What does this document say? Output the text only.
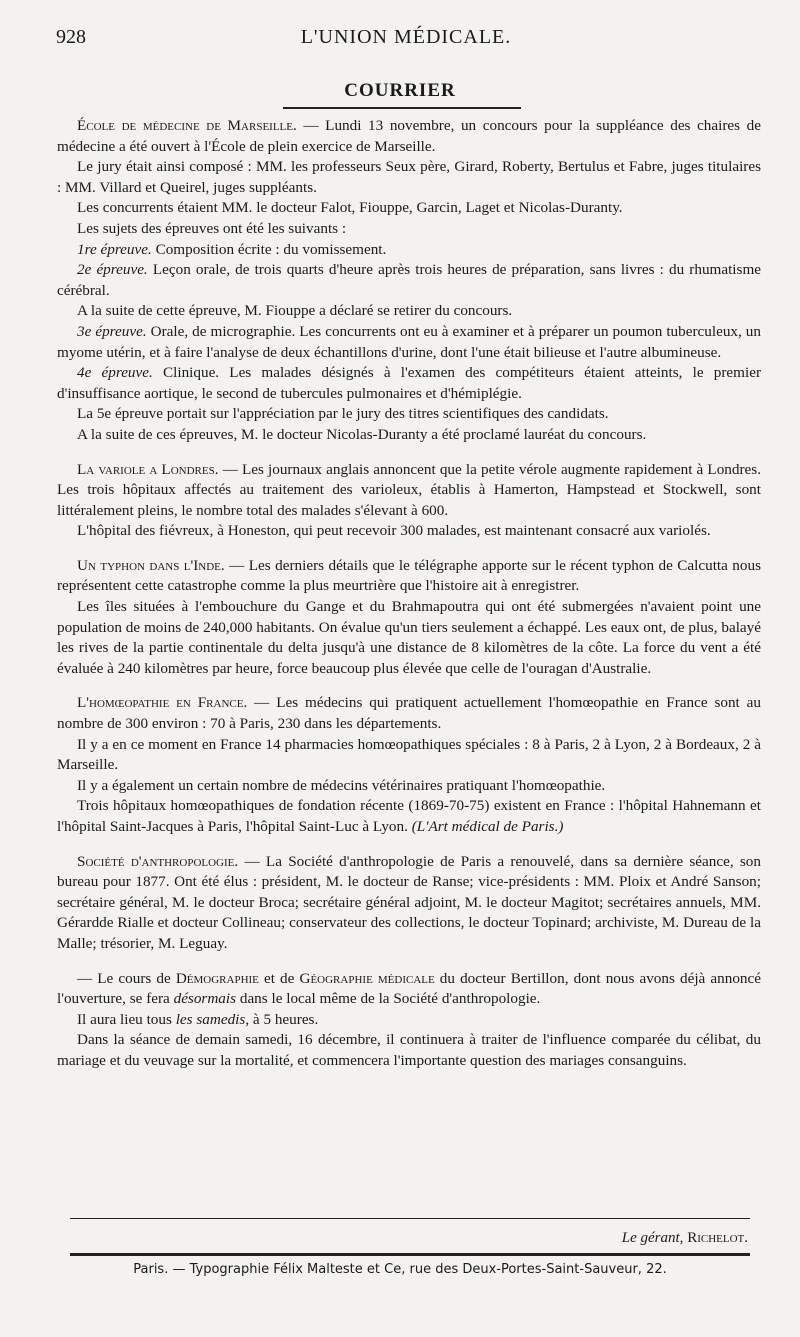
928	L'UNION MÉDICALE.
COURRIER

École de médecine de Marseille. — Lundi 13 novembre, un concours pour la suppléance des chaires de médecine a été ouvert à l'École de plein exercice de Marseille.

Le jury était ainsi composé : MM. les professeurs Seux père, Girard, Roberty, Bertulus et Fabre, juges titulaires : MM. Villard et Queirel, juges suppléants.

Les concurrents étaient MM. le docteur Falot, Fiouppe, Garcin, Laget et Nicolas-Duranty.

Les sujets des épreuves ont été les suivants :

1re épreuve. Composition écrite : du vomissement.

2e épreuve. Leçon orale, de trois quarts d'heure après trois heures de préparation, sans livres : du rhumatisme cérébral.

A la suite de cette épreuve, M. Fiouppe a déclaré se retirer du concours.

3e épreuve. Orale, de micrographie. Les concurrents ont eu à examiner et à préparer un poumon tuberculeux, un myome utérin, et à faire l'analyse de deux échantillons d'urine, dont l'une était bilieuse et l'autre albumineuse.

4e épreuve. Clinique. Les malades désignés à l'examen des compétiteurs étaient atteints, le premier d'insuffisance aortique, le second de tubercules pulmonaires et d'hémiplégie.

La 5e épreuve portait sur l'appréciation par le jury des titres scientifiques des candidats.

A la suite de ces épreuves, M. le docteur Nicolas-Duranty a été proclamé lauréat du concours.

La variole a Londres. — Les journaux anglais annoncent que la petite vérole augmente rapidement à Londres. Les trois hôpitaux affectés au traitement des varioleux, établis à Hamerton, Hampstead et Stockwell, sont littéralement pleins, le nombre total des malades s'élevant à 600.

L'hôpital des fiévreux, à Honeston, qui peut recevoir 300 malades, est maintenant consacré aux variolés.

Un typhon dans l'Inde. — Les derniers détails que le télégraphe apporte sur le récent typhon de Calcutta nous représentent cette catastrophe comme la plus meurtrière que l'histoire ait à enregistrer.

Les îles situées à l'embouchure du Gange et du Brahmapoutra qui ont été submergées n'avaient point une population de moins de 240,000 habitants. On évalue qu'un tiers seulement a échappé. Les eaux ont, de plus, balayé les rives de la partie continentale du delta jusqu'à une distance de 8 kilomètres de la côte. La force du vent a été évaluée à 240 kilomètres par heure, force beaucoup plus élevée que celle de l'ouragan d'Australie.

L'homœopathie en France. — Les médecins qui pratiquent actuellement l'homœopathie en France sont au nombre de 300 environ : 70 à Paris, 230 dans les départements.

Il y a en ce moment en France 14 pharmacies homœopathiques spéciales : 8 à Paris, 2 à Lyon, 2 à Bordeaux, 2 à Marseille.

Il y a également un certain nombre de médecins vétérinaires pratiquant l'homœopathie.

Trois hôpitaux homœopathiques de fondation récente (1869-70-75) existent en France : l'hôpital Hahnemann et l'hôpital Saint-Jacques à Paris, l'hôpital Saint-Luc à Lyon. (L'Art médical de Paris.)

Société d'anthropologie. — La Société d'anthropologie de Paris a renouvelé, dans sa dernière séance, son bureau pour 1877. Ont été élus : président, M. le docteur de Ranse; vice-présidents : MM. Ploix et André Sanson; secrétaire général, M. le docteur Broca; secrétaire général adjoint, M. le docteur Magitot; secrétaires annuels, MM. Gérardde Rialle et docteur Collineau; conservateur des collections, le docteur Topinard; archiviste, M. Dureau de la Malle; trésorier, M. Leguay.

— Le cours de Démographie et de Géographie médicale du docteur Bertillon, dont nous avons déjà annoncé l'ouverture, se fera désormais dans le local même de la Société d'anthropologie.

Il aura lieu tous les samedis, à 5 heures.

Dans la séance de demain samedi, 16 décembre, il continuera à traiter de l'influence comparée du célibat, du mariage et du veuvage sur la mortalité, et commencera l'importante question des mariages consanguins.

Le gérant, Richelot.
Paris. — Typographie Félix Malteste et Ce, rue des Deux-Portes-Saint-Sauveur, 22.
